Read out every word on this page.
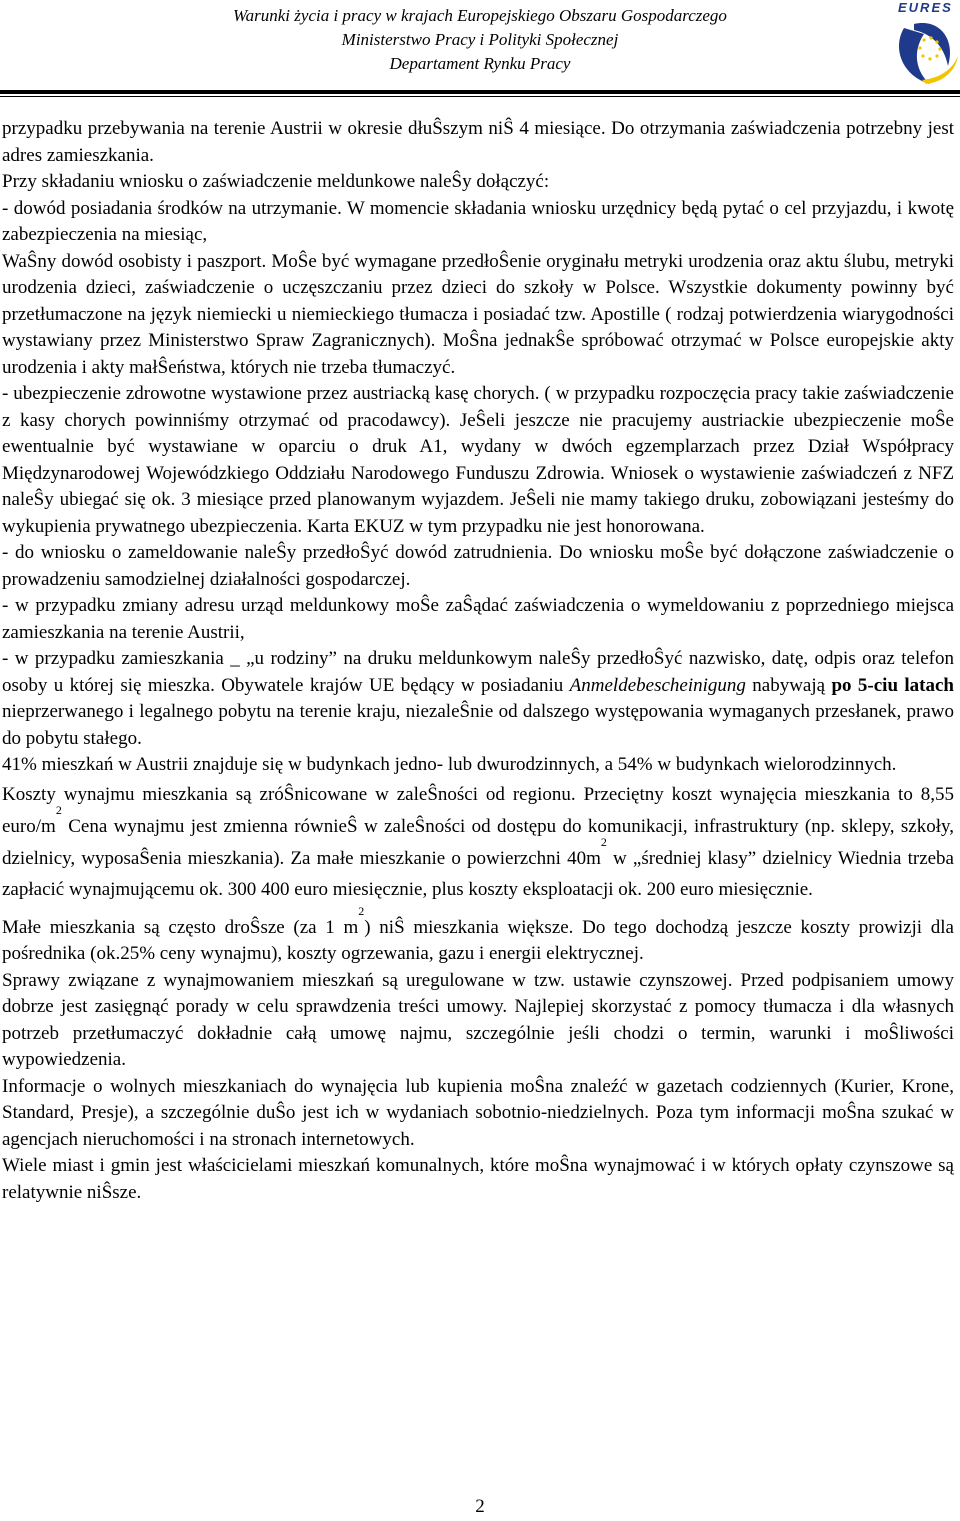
Warunki życia i pracy w krajach Europejskiego Obszaru Gospodarczego
Ministerstwo Pracy i Polityki Społecznej
Departament Rynku Pracy
EURES

przypadku przebywania na terenie Austrii w okresie dłuŜszym niŜ 4 miesiące. Do otrzymania zaświadczenia potrzebny jest adres zamieszkania.

Przy składaniu wniosku o zaświadczenie meldunkowe naleŜy dołączyć:

- dowód posiadania środków na utrzymanie. W momencie składania wniosku urzędnicy będą pytać o cel przyjazdu, i kwotę zabezpieczenia na miesiąc,

WaŜny dowód osobisty i paszport. MoŜe być wymagane przedłoŜenie oryginału metryki urodzenia oraz aktu ślubu, metryki urodzenia dzieci, zaświadczenie o uczęszczaniu przez dzieci do szkoły w Polsce. Wszystkie dokumenty powinny być przetłumaczone na język niemiecki u niemieckiego tłumacza i posiadać tzw. Apostille ( rodzaj potwierdzenia wiarygodności wystawiany przez Ministerstwo Spraw Zagranicznych). MoŜna jednakŜe spróbować otrzymać w Polsce europejskie akty urodzenia i akty małŜeństwa, których nie trzeba tłumaczyć.

- ubezpieczenie zdrowotne wystawione przez austriacką kasę chorych. ( w przypadku rozpoczęcia pracy takie zaświadczenie z kasy chorych powinniśmy otrzymać od pracodawcy). JeŜeli jeszcze nie pracujemy austriackie ubezpieczenie moŜe ewentualnie być wystawiane w oparciu o druk A1, wydany w dwóch egzemplarzach przez Dział Współpracy Międzynarodowej Wojewódzkiego Oddziału Narodowego Funduszu Zdrowia. Wniosek o wystawienie zaświadczeń z NFZ naleŜy ubiegać się ok. 3 miesiące przed planowanym wyjazdem. JeŜeli nie mamy takiego druku, zobowiązani jesteśmy do wykupienia prywatnego ubezpieczenia. Karta EKUZ w tym przypadku nie jest honorowana.

- do wniosku o zameldowanie naleŜy przedłoŜyć dowód zatrudnienia. Do wniosku moŜe być dołączone zaświadczenie o prowadzeniu samodzielnej działalności gospodarczej.

- w przypadku zmiany adresu urząd meldunkowy moŜe zaŜądać zaświadczenia o wymeldowaniu z poprzedniego miejsca zamieszkania na terenie Austrii,

- w przypadku zamieszkania _ „u rodziny” na druku meldunkowym naleŜy przedłoŜyć nazwisko, datę, odpis oraz telefon osoby u której się mieszka. Obywatele krajów UE będący w posiadaniu Anmeldebescheinigung nabywają po 5-ciu latach nieprzerwanego i legalnego pobytu na terenie kraju, niezaleŜnie od dalszego występowania wymaganych przesłanek, prawo do pobytu stałego.

41% mieszkań w Austrii znajduje się w budynkach jedno- lub dwurodzinnych, a 54% w budynkach wielorodzinnych.

Koszty wynajmu mieszkania są zróŜnicowane w zaleŜności od regionu. Przeciętny koszt wynajęcia mieszkania to 8,55 euro/$m^2$ Cena wynajmu jest zmienna równieŜ w zaleŜności od dostępu do komunikacji, infrastruktury (np. sklepy, szkoły, dzielnicy, wyposaŜenia mieszkania). Za małe mieszkanie o powierzchni $40m^2$ w „średniej klasy” dzielnicy Wiednia trzeba zapłacić wynajmującemu ok. 300 400 euro miesięcznie, plus koszty eksploatacji ok. 200 euro miesięcznie.

Małe mieszkania są często droŜsze (za 1 $m^2$) niŜ mieszkania większe. Do tego dochodzą jeszcze koszty prowizji dla pośrednika (ok.25% ceny wynajmu), koszty ogrzewania, gazu i energii elektrycznej.

Sprawy związane z wynajmowaniem mieszkań są uregulowane w tzw. ustawie czynszowej. Przed podpisaniem umowy dobrze jest zasięgnąć porady w celu sprawdzenia treści umowy. Najlepiej skorzystać z pomocy tłumacza i dla własnych potrzeb przetłumaczyć dokładnie całą umowę najmu, szczególnie jeśli chodzi o termin, warunki i moŜliwości wypowiedzenia.

Informacje o wolnych mieszkaniach do wynajęcia lub kupienia moŜna znaleźć w gazetach codziennych (Kurier, Krone, Standard, Presje), a szczególnie duŜo jest ich w wydaniach sobotnio-niedzielnych. Poza tym informacji moŜna szukać w agencjach nieruchomości i na stronach internetowych.

Wiele miast i gmin jest właścicielami mieszkań komunalnych, które moŜna wynajmować i w których opłaty czynszowe są relatywnie niŜsze.

2
